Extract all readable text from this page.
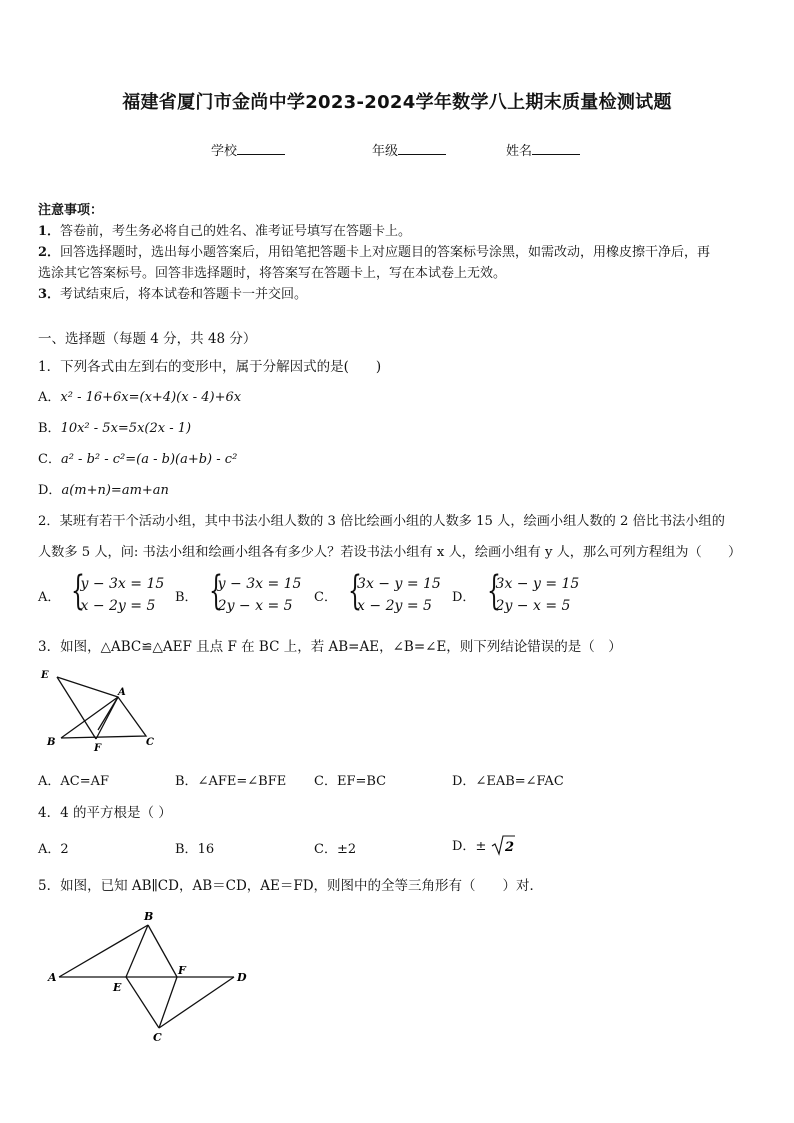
福建省厦门市金尚中学2023-2024学年数学八上期末质量检测试题
学校	年级	姓名
注意事项：
1．答卷前，考生务必将自己的姓名、准考证号填写在答题卡上。
2．回答选择题时，选出每小题答案后，用铅笔把答题卡上对应题目的答案标号涂黑，如需改动，用橡皮擦干净后，再
选涂其它答案标号。回答非选择题时，将答案写在答题卡上，写在本试卷上无效。
3．考试结束后，将本试卷和答题卡一并交回。
一、选择题（每题 4 分，共 48 分）
1．下列各式由左到右的变形中，属于分解因式的是(　　)
A．x² - 16+6x=(x+4)(x - 4)+6x
B．10x² - 5x=5x(2x - 1)
C．a² - b² - c²=(a - b)(a+b) - c²
D．a(m+n)=am+an
2．某班有若干个活动小组，其中书法小组人数的 3 倍比绘画小组的人数多 15 人，绘画小组人数的 2 倍比书法小组的
人数多 5 人，问: 书法小组和绘画小组各有多少人？若设书法小组有 x 人，绘画小组有 y 人，那么可列方程组为（　　）
A． {
y − 3x = 15
x − 2y = 5
B． {
y − 3x = 15
2y − x = 5
C． {
3x − y = 15
x − 2y = 5
D． {
3x − y = 15
2y − x = 5
3．如图，△ABC≌△AEF 且点 F 在 BC 上，若 AB=AE，∠B=∠E，则下列结论错误的是（　）
E
A
B
F
C
A．AC=AF	B．∠AFE=∠BFE C．EF=BC	D．∠EAB=∠FAC
4．4 的平方根是（ ）
A．2	B．16	C．±2	D．± 2
5．如图，已知 AB∥CD，AB＝CD，AE＝FD，则图中的全等三角形有（　　）对．
A
B
E
F
D
C
